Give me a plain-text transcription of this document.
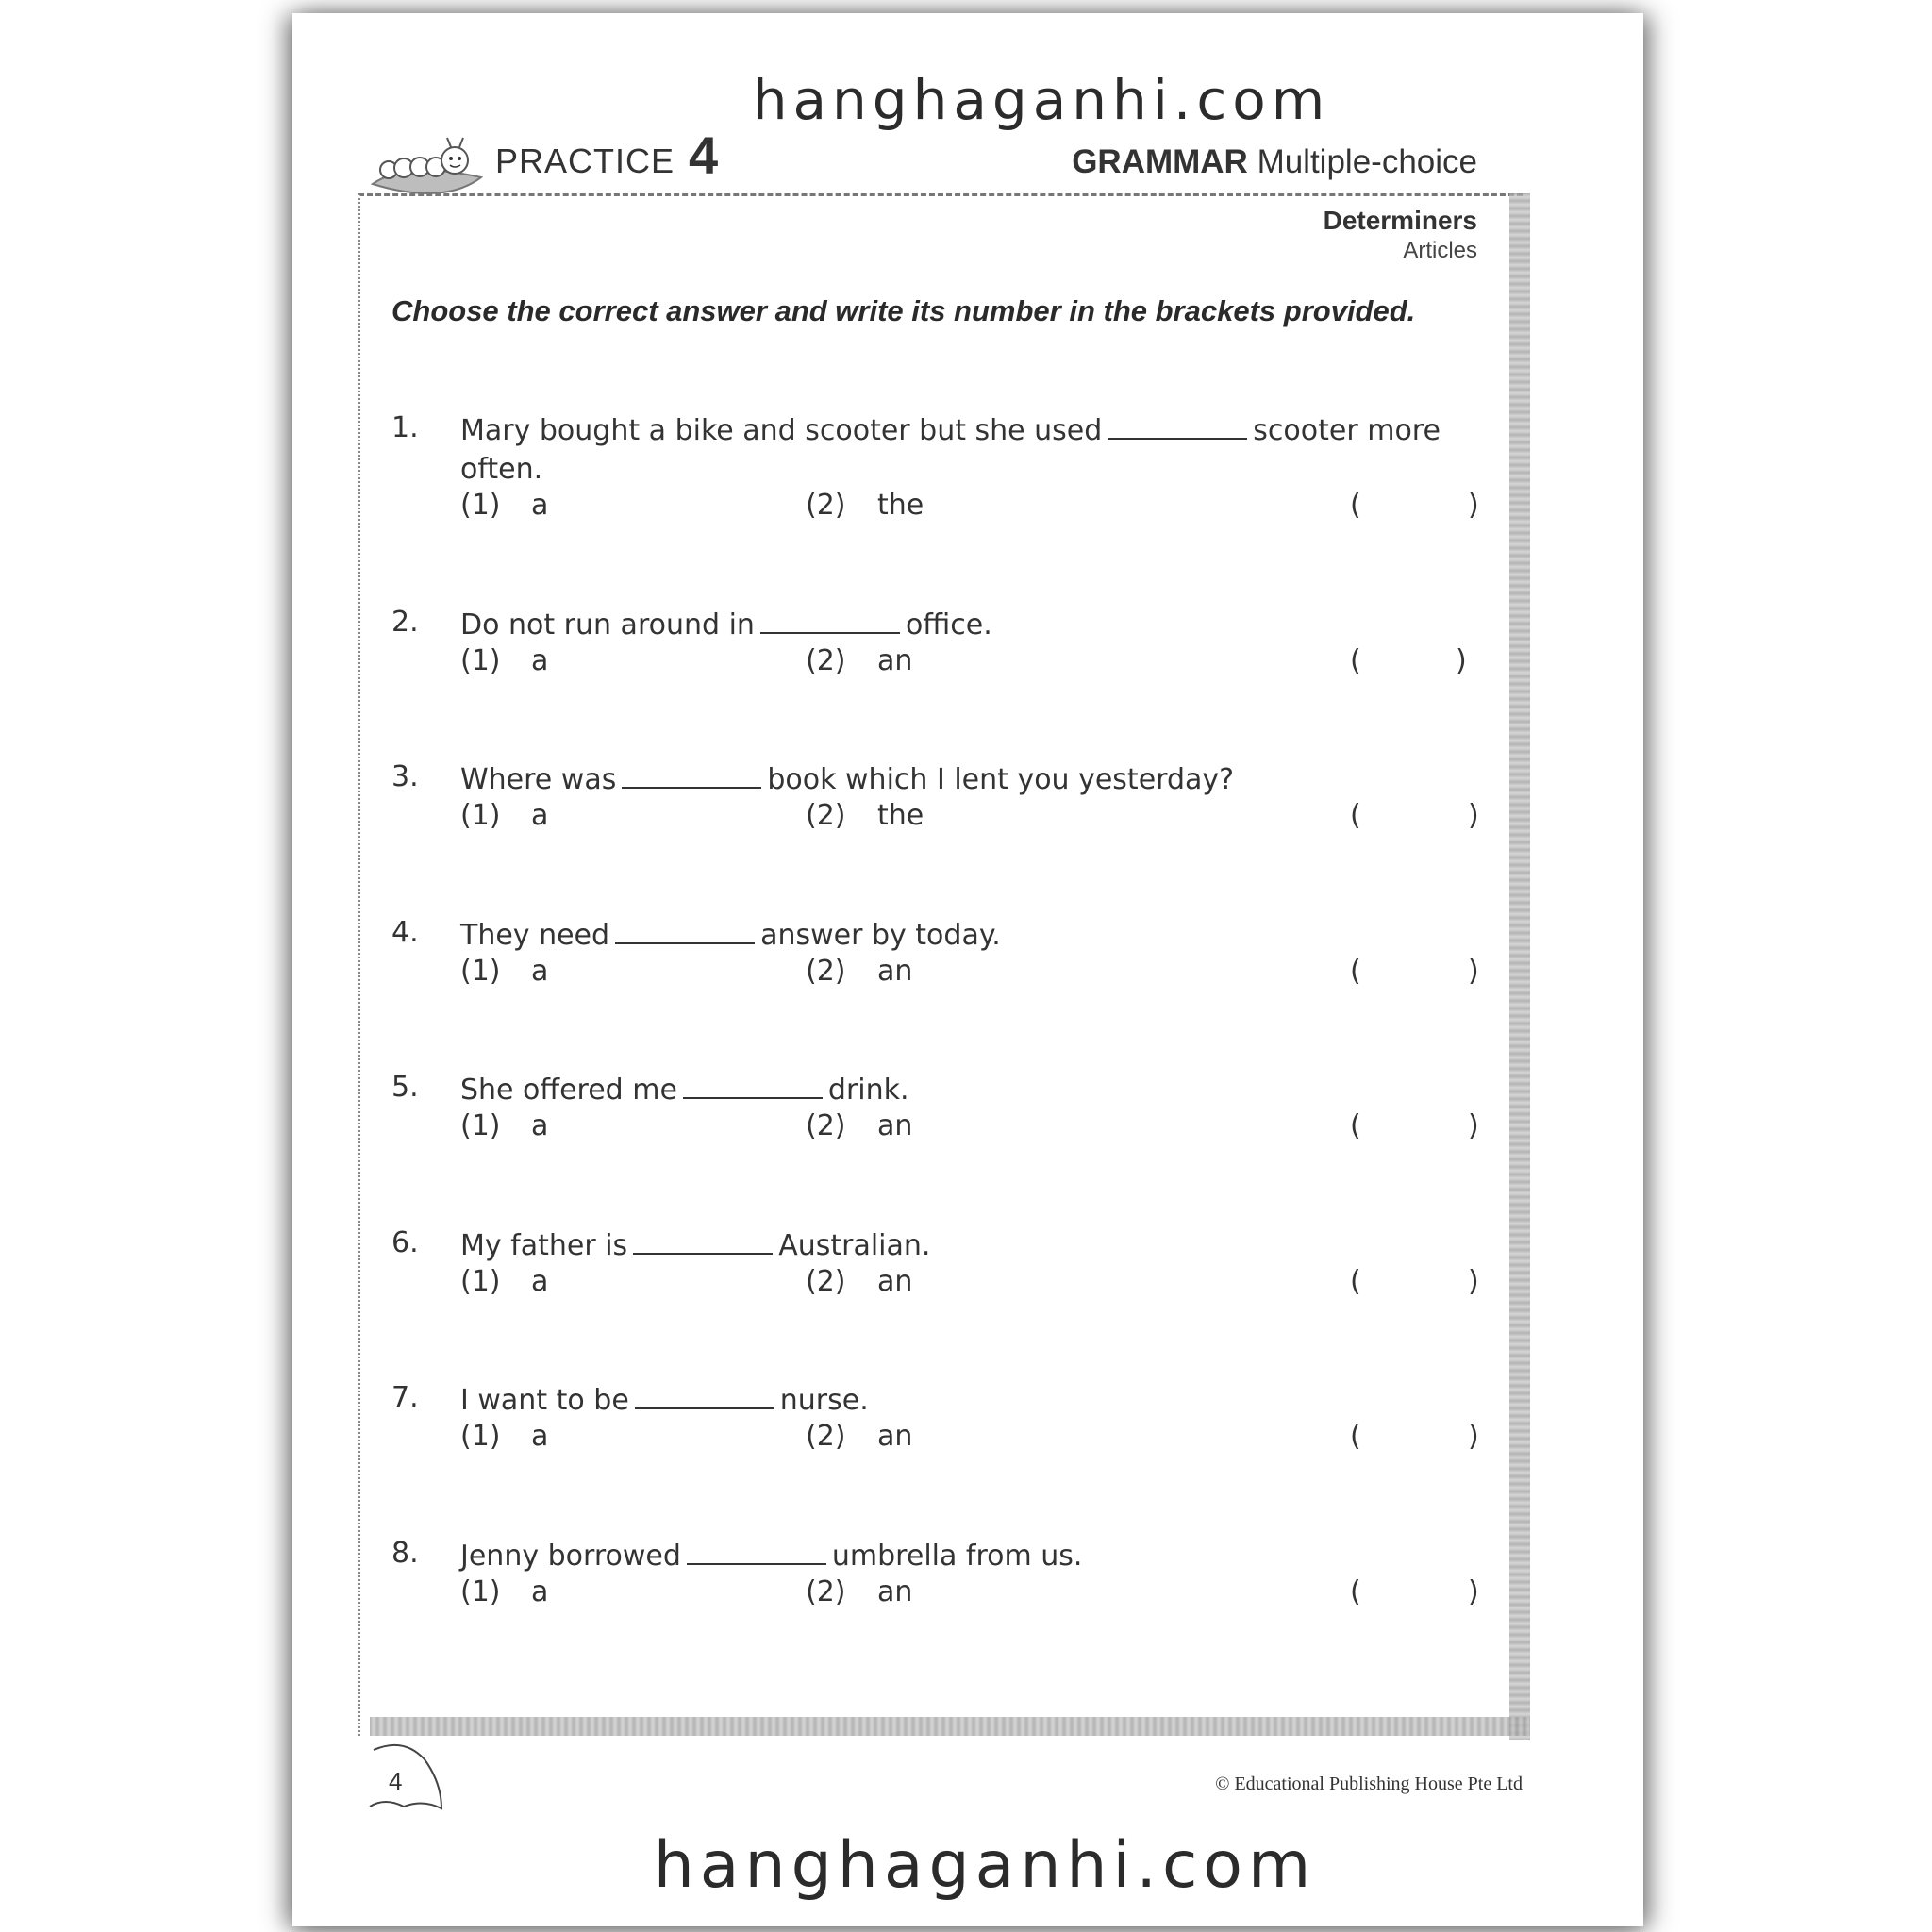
hanghaganhi.com
PRACTICE 4	GRAMMAR Multiple-choice
Determiners
Articles
Choose the correct answer and write its number in the brackets provided.
1. Mary bought a bike and scooter but she used	scooter more often.
(1) a	(2) the	(	)
2. Do not run around in	office.
(1) a	(2) an	(	)
3. Where was	book which I lent you yesterday?
(1) a	(2) the	(	)
4. They need	answer by today.
(1) a	(2) an	(	)
5. She offered me	drink.
(1) a	(2) an	(	)
6. My father is	Australian.
(1) a	(2) an	(	)
7. I want to be	nurse.
(1) a	(2) an	(	)
8. Jenny borrowed	umbrella from us.
(1) a	(2) an	(	)
4	© Educational Publishing House Pte Ltd
hanghaganhi.com
